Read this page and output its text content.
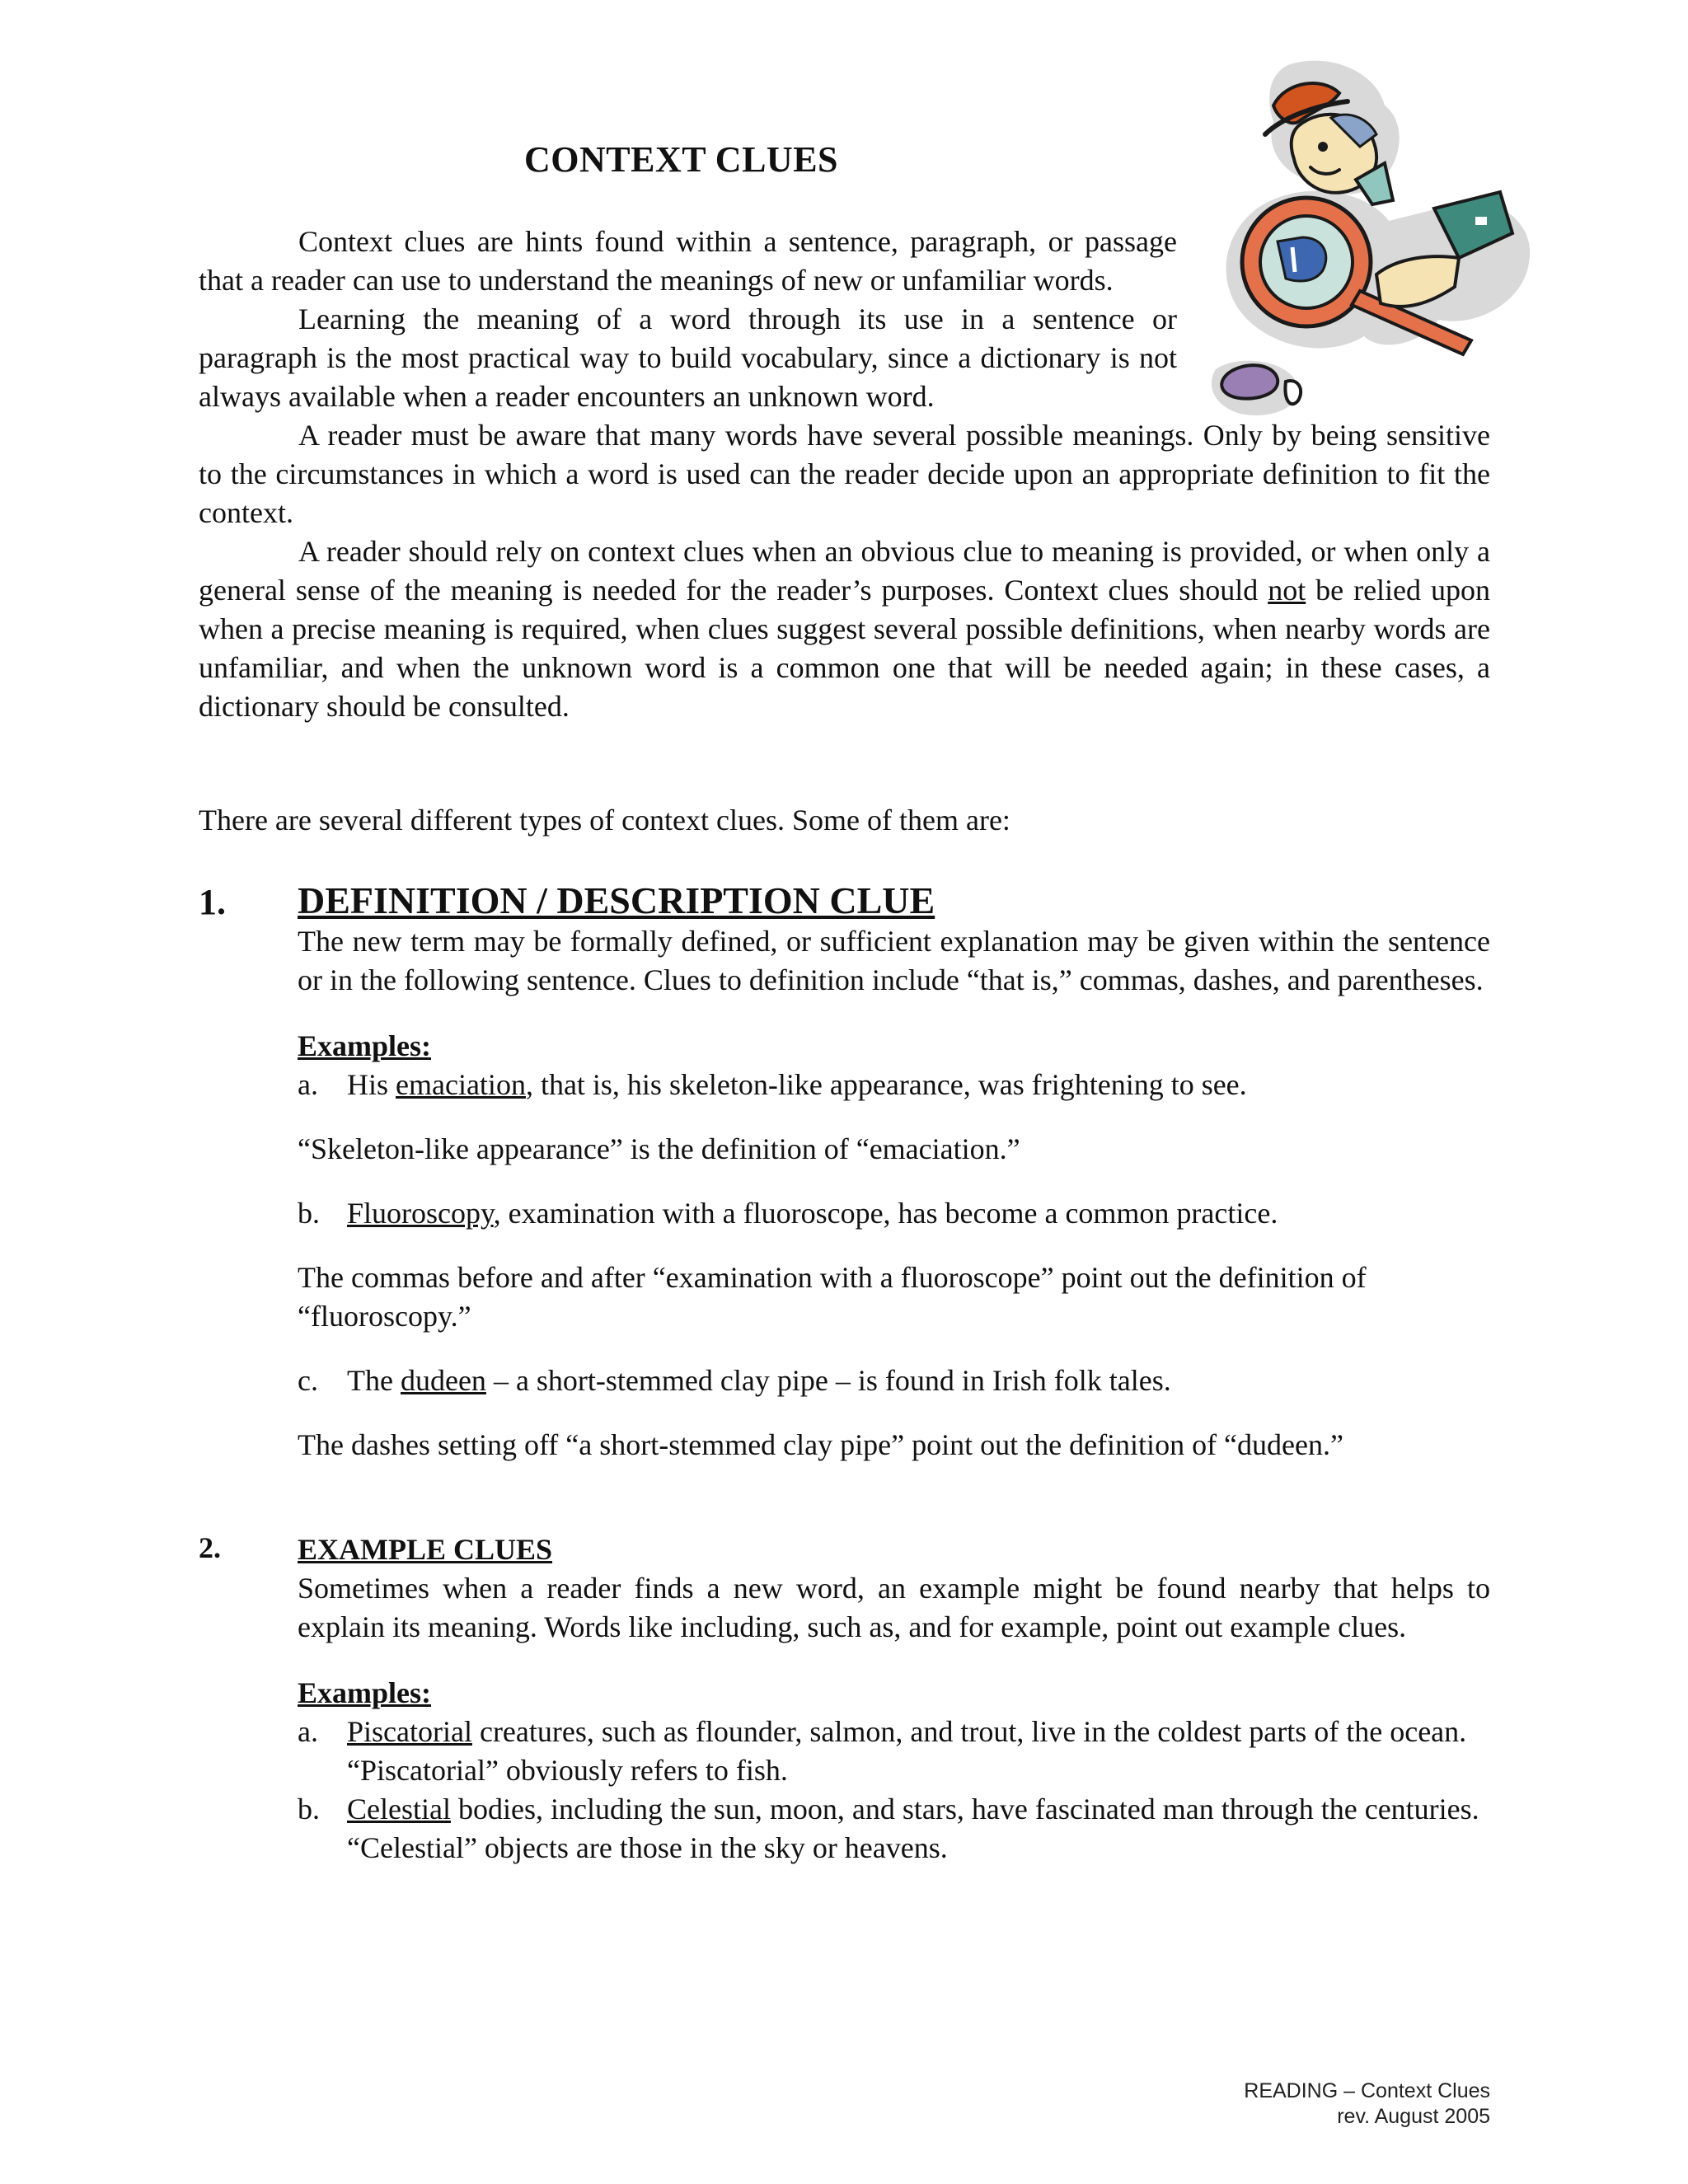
CONTEXT CLUES

Context clues are hints found within a sentence, paragraph, or passage that a reader can use to understand the meanings of new or unfamiliar words.

Learning the meaning of a word through its use in a sentence or paragraph is the most practical way to build vocabulary, since a dictionary is not always available when a reader encounters an unknown word.

A reader must be aware that many words have several possible meanings. Only by being sensitive to the circumstances in which a word is used can the reader decide upon an appropriate definition to fit the context.

A reader should rely on context clues when an obvious clue to meaning is provided, or when only a general sense of the meaning is needed for the reader’s purposes. Context clues should not be relied upon when a precise meaning is required, when clues suggest several possible definitions, when nearby words are unfamiliar, and when the unknown word is a common one that will be needed again; in these cases, a dictionary should be consulted.

There are several different types of context clues. Some of them are:

1. DEFINITION / DESCRIPTION CLUE

The new term may be formally defined, or sufficient explanation may be given within the sentence or in the following sentence. Clues to definition include “that is,” commas, dashes, and parentheses.

Examples:

a. His emaciation, that is, his skeleton-like appearance, was frightening to see.

“Skeleton-like appearance” is the definition of “emaciation.”

b. Fluoroscopy, examination with a fluoroscope, has become a common practice.

The commas before and after “examination with a fluoroscope” point out the definition of “fluoroscopy.”

c. The dudeen – a short-stemmed clay pipe – is found in Irish folk tales.

The dashes setting off “a short-stemmed clay pipe” point out the definition of “dudeen.”

2.	EXAMPLE CLUES

Sometimes when a reader finds a new word, an example might be found nearby that helps to explain its meaning. Words like including, such as, and for example, point out example clues.

Examples:

a. Piscatorial creatures, such as flounder, salmon, and trout, live in the coldest parts of the ocean.

“Piscatorial” obviously refers to fish.

b. Celestial bodies, including the sun, moon, and stars, have fascinated man through the centuries.

“Celestial” objects are those in the sky or heavens.

READING – Context Clues
rev. August 2005
